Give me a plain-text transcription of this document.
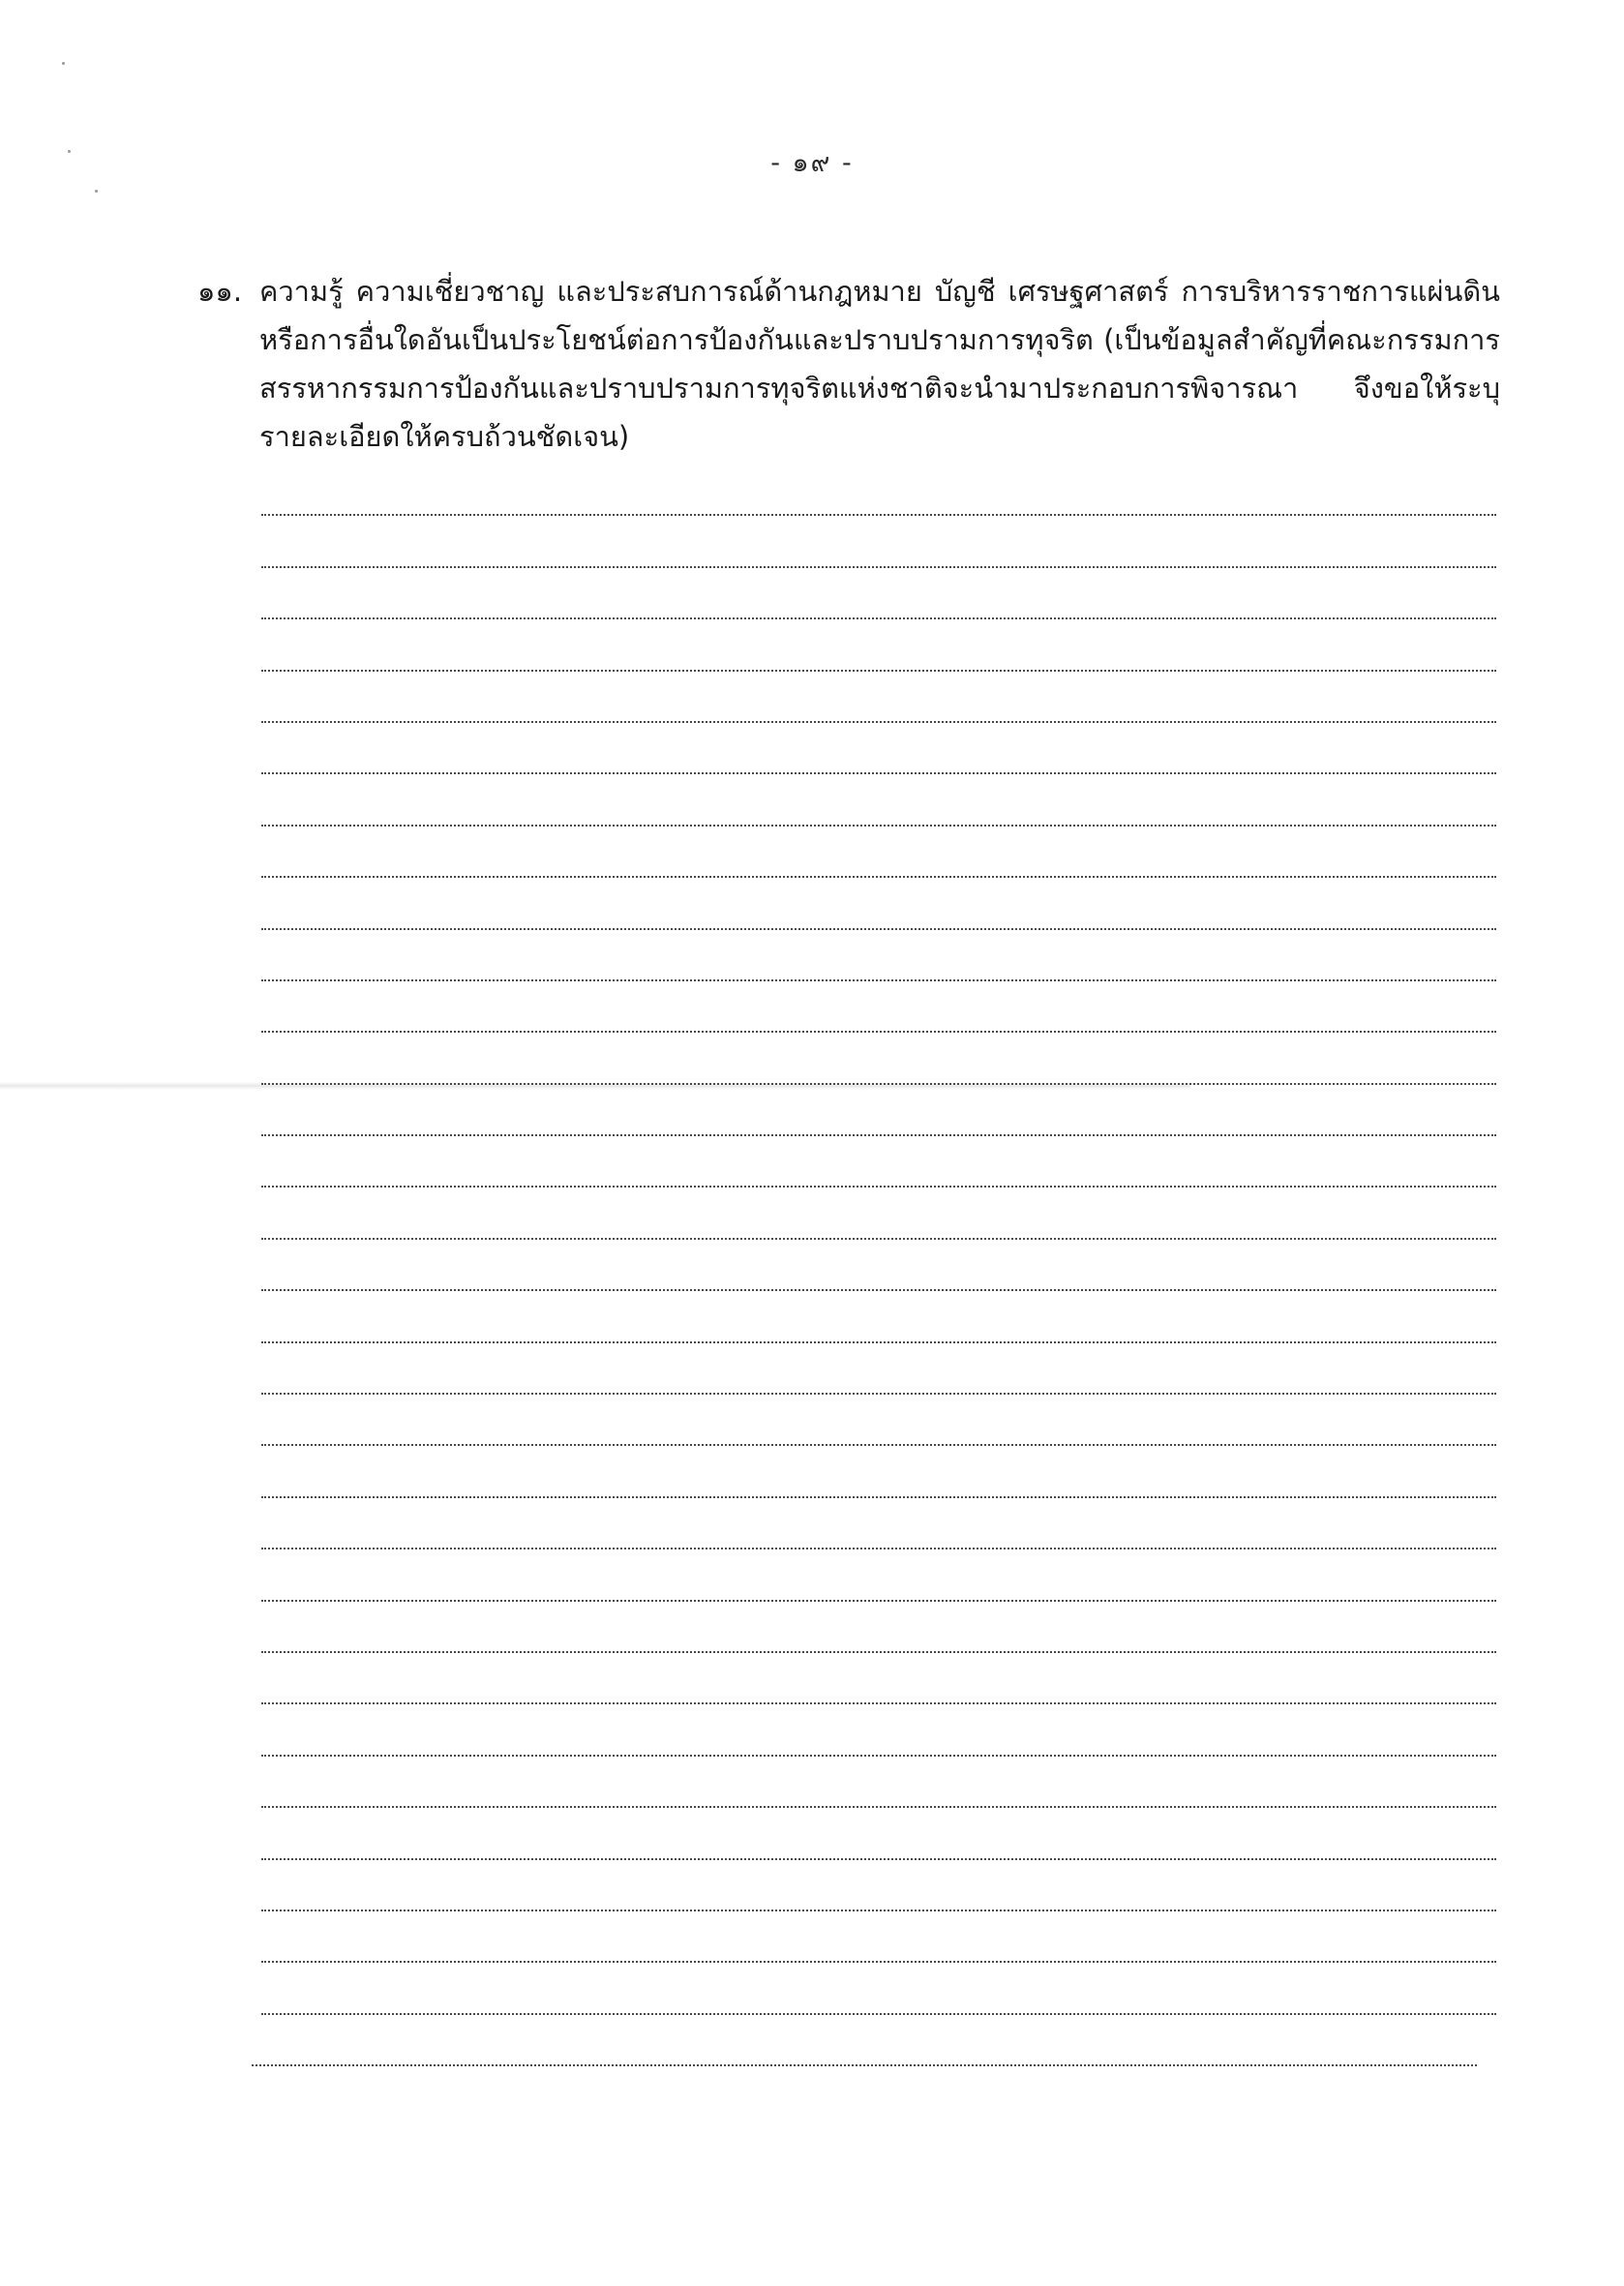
- ๑๙ -
๑๑. ความรู้ ความเชี่ยวชาญ และประสบการณ์ด้านกฎหมาย บัญชี เศรษฐศาสตร์ การบริหารราชการแผ่นดิน หรือการอื่นใดอันเป็นประโยชน์ต่อการป้องกันและปราบปรามการทุจริต (เป็นข้อมูลสำคัญที่คณะกรรมการสรรหากรรมการป้องกันและปราบปรามการทุจริตแห่งชาติจะนำมาประกอบการพิจารณา จึงขอให้ระบุรายละเอียดให้ครบถ้วนชัดเจน)
